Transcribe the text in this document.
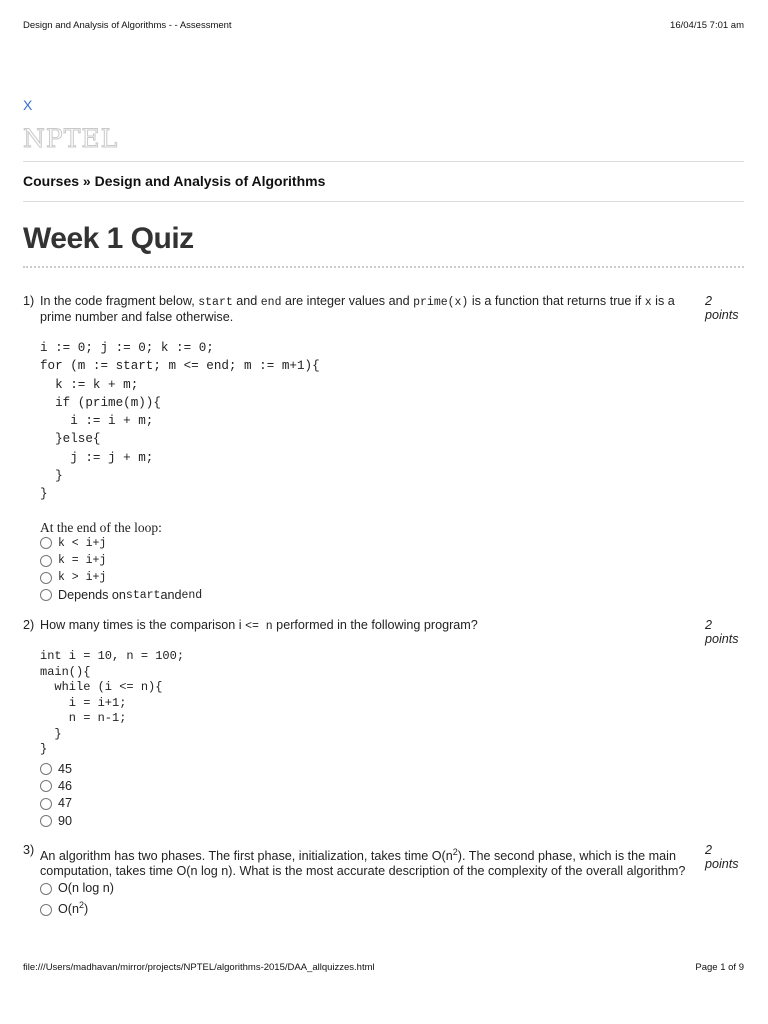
Design and Analysis of Algorithms - - Assessment	16/04/15 7:01 am
X
NPTEL
Courses » Design and Analysis of Algorithms
Week 1 Quiz
1) In the code fragment below, start and end are integer values and prime(x) is a function that returns true if x is a prime number and false otherwise.
i := 0; j := 0; k := 0;
for (m := start; m <= end; m := m+1){
k := k + m;
if (prime(m)){
i := i + m;
}else{
j := j + m;
}
}
At the end of the loop:
k < i+j
k = i+j
k > i+j
Depends on start and end
2
points
2) How many times is the comparison i <= n performed in the following program?
int i = 10, n = 100;
main(){
while (i <= n){
i = i+1;
n = n-1;
}
}
45
46
47
90
2
points
3) An algorithm has two phases. The first phase, initialization, takes time $O(n^2)$. The second phase, which is the main computation, takes time O(n log n). What is the most accurate description of the complexity of the overall algorithm?
O(n log n)
$O(n^2)$
2
points
file:///Users/madhavan/mirror/projects/NPTEL/algorithms-2015/DAA_allquizzes.html	Page 1 of 9
